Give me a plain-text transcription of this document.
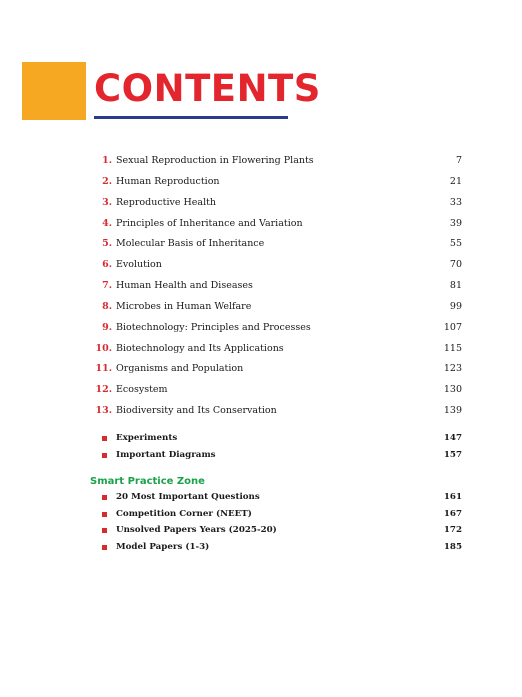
CONTENTS
1. Sexual Reproduction in Flowering Plants	7
2. Human Reproduction	21
3. Reproductive Health	33
4. Principles of Inheritance and Variation	39
5. Molecular Basis of Inheritance	55
6. Evolution	70
7. Human Health and Diseases	81
8. Microbes in Human Welfare	99
9. Biotechnology: Principles and Processes	107
10. Biotechnology and Its Applications	115
11. Organisms and Population	123
12. Ecosystem	130
13. Biodiversity and Its Conservation	139
Experiments	147
Important Diagrams	157
Smart Practice Zone
20 Most Important Questions	161
Competition Corner (NEET)	167
Unsolved Papers Years (2025-20)	172
Model Papers (1-3)	185
